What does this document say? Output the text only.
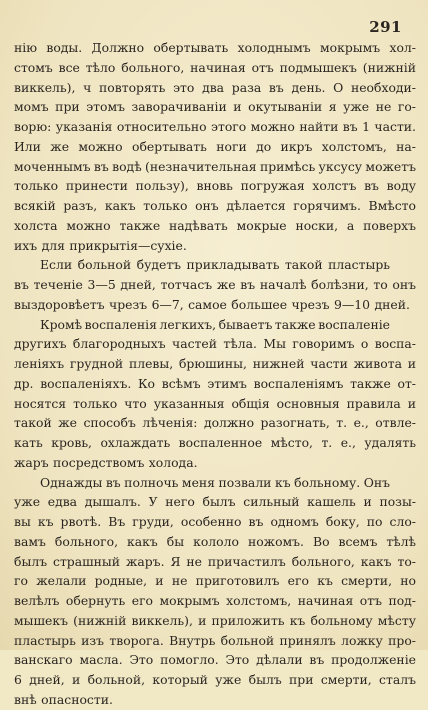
291

нію воды. Должно обертывать холоднымъ мокрымъ хол-
стомъ все тѣло больного, начиная отъ подмышекъ (нижній
виккель), ч повторять это два раза въ день. О необходи-
момъ при этомъ заворачиваніи и окутываніи я уже не го-
ворю: указанія относительно этого можно найти въ 1 части.
Или же можно обертывать ноги до икръ холстомъ, на-
моченнымъ въ водѣ (незначительная примѣсь уксусу можетъ
только принести пользу), вновь погружая холстъ въ воду
всякій разъ, какъ только онъ дѣлается горячимъ. Вмѣсто
холста можно также надѣвать мокрые носки, а поверхъ
ихъ для прикрытія—сухіе.

Если больной будетъ прикладывать такой пластырь
въ теченіе 3—5 дней, тотчасъ же въ началѣ болѣзни, то онъ
выздоровѣетъ чрезъ 6—7, самое большее чрезъ 9—10 дней.

Кромѣ воспаленія легкихъ, бываетъ также воспаленіе
другихъ благородныхъ частей тѣла. Мы говоримъ о воспа-
леніяхъ грудной плевы, брюшины, нижней части живота и
др. воспаленіяхъ. Ко всѣмъ этимъ воспаленіямъ также от-
носятся только что указанныя общія основныя правила и
такой же способъ лѣченія: должно разогнать, т. е., отвле-
кать кровь, охлаждать воспаленное мѣсто, т. е., удалять
жаръ посредствомъ холода.

Однажды въ полночь меня позвали къ больному. Онъ
уже едва дышалъ. У него былъ сильный кашель и позы-
вы къ рвотѣ. Въ груди, особенно въ одномъ боку, по сло-
вамъ больного, какъ бы кололо ножомъ. Во всемъ тѣлѣ
былъ страшный жаръ. Я не причастилъ больного, какъ то-
го желали родные, и не приготовилъ его къ смерти, но
велѣлъ обернуть его мокрымъ холстомъ, начиная отъ под-
мышекъ (нижній виккель), и приложить къ больному мѣсту
пластырь изъ творога. Внутрь больной принялъ ложку про-
ванскаго масла. Это помогло. Это дѣлали въ продолженіе
6 дней, и больной, который уже былъ при смерти, сталъ
внѣ опасности.
